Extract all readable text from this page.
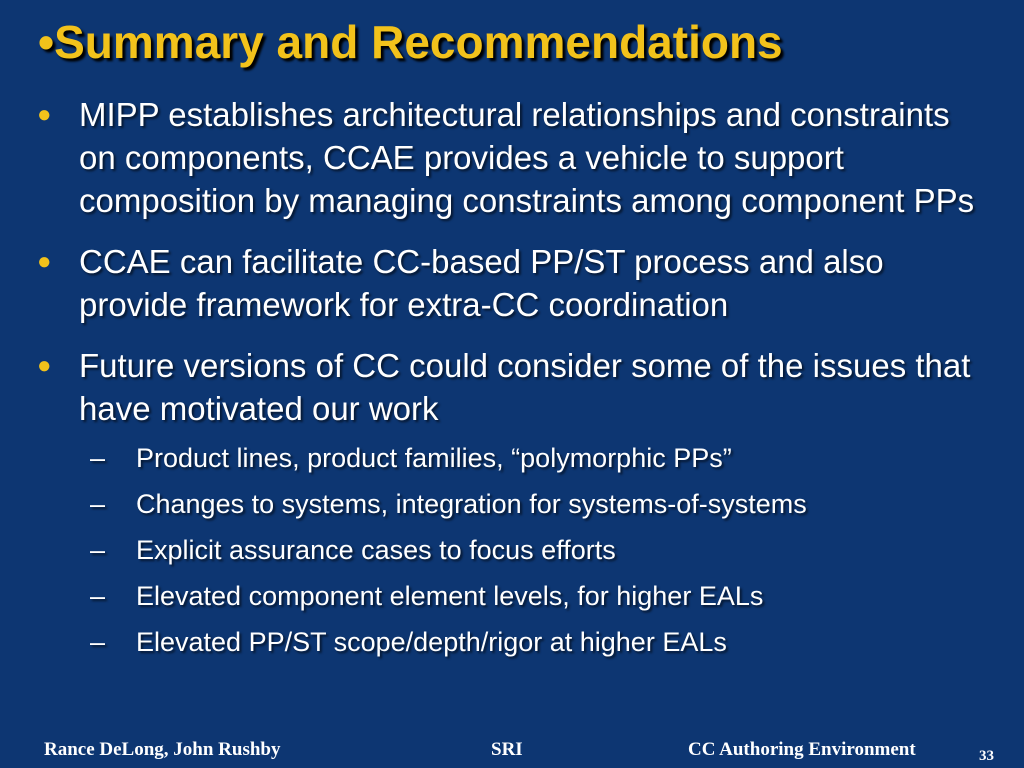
•Summary and Recommendations
● MIPP establishes architectural relationships and constraints on components, CCAE provides a vehicle to support composition by managing constraints among component PPs
● CCAE can facilitate CC-based PP/ST process and also provide framework for extra-CC coordination
● Future versions of CC could consider some of the issues that have motivated our work
– Product lines, product families, “polymorphic PPs”
– Changes to systems, integration for systems-of-systems
– Explicit assurance cases to focus efforts
– Elevated component element levels, for higher EALs
– Elevated PP/ST scope/depth/rigor at higher EALs
Rance DeLong, John Rushby	SRI	CC Authoring Environment	33
